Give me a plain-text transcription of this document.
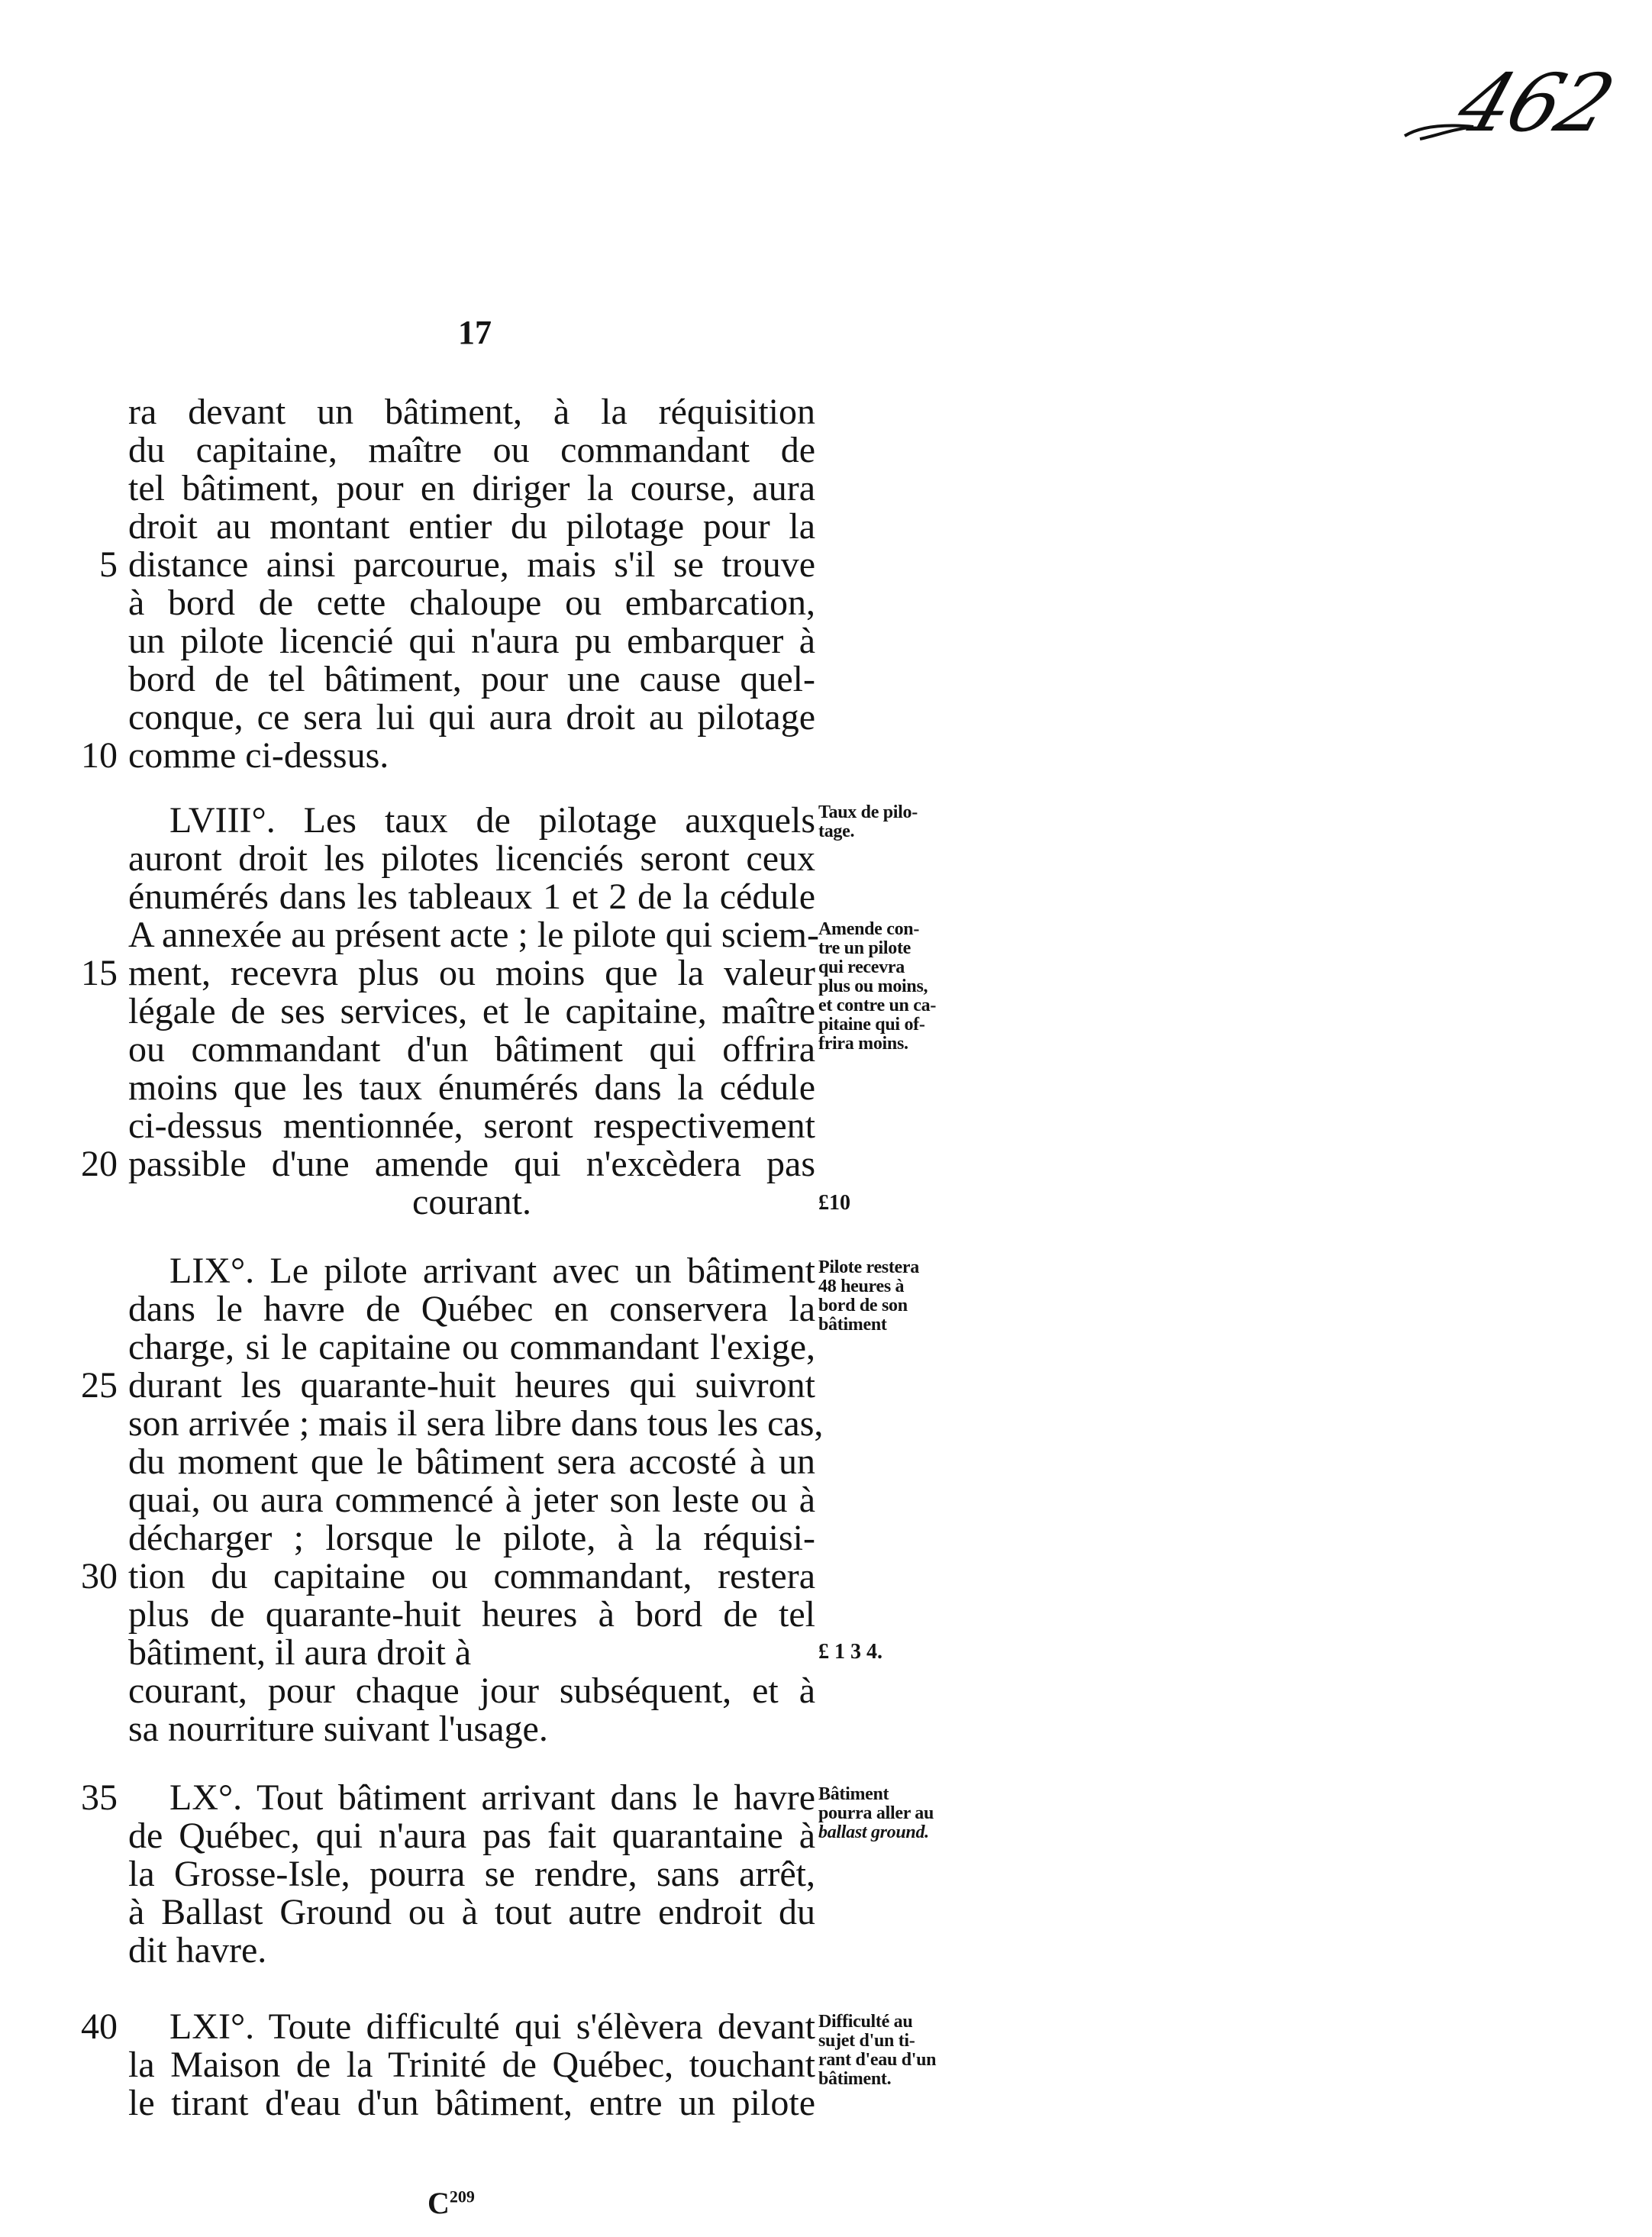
462
17
ra devant un bâtiment, à la réquisition
du capitaine, maître ou commandant de
tel bâtiment, pour en diriger la course, aura
droit au montant entier du pilotage pour la
5 distance ainsi parcourue, mais s'il se trouve
à bord de cette chaloupe ou embarcation,
un pilote licencié qui n'aura pu embarquer à
bord de tel bâtiment, pour une cause quel-
conque, ce sera lui qui aura droit au pilotage
10 comme ci-dessus.
LVIII°. Les taux de pilotage auxquels
auront droit les pilotes licenciés seront ceux
énumérés dans les tableaux 1 et 2 de la cédule
A annexée au présent acte ; le pilote qui sciem-
15 ment, recevra plus ou moins que la valeur
légale de ses services, et le capitaine, maître
ou commandant d'un bâtiment qui offrira
moins que les taux énumérés dans la cédule
ci-dessus mentionnée, seront respectivement
20 passible d'une amende qui n'excèdera pas
courant.
LIX°. Le pilote arrivant avec un bâtiment
dans le havre de Québec en conservera la
charge, si le capitaine ou commandant l'exige,
25 durant les quarante-huit heures qui suivront
son arrivée ; mais il sera libre dans tous les cas,
du moment que le bâtiment sera accosté à un
quai, ou aura commencé à jeter son leste ou à
décharger ; lorsque le pilote, à la réquisi-
30 tion du capitaine ou commandant, restera
plus de quarante-huit heures à bord de tel
bâtiment, il aura droit à
courant, pour chaque jour subséquent, et à
sa nourriture suivant l'usage.
35 LX°. Tout bâtiment arrivant dans le havre
de Québec, qui n'aura pas fait quarantaine à
la Grosse-Isle, pourra se rendre, sans arrêt,
à Ballast Ground ou à tout autre endroit du
dit havre.
40 LXI°. Toute difficulté qui s'élèvera devant
la Maison de la Trinité de Québec, touchant
le tirant d'eau d'un bâtiment, entre un pilote
$C^{209}$
Taux de pilo-
tage.
Amende con-
tre un pilote
qui recevra
plus ou moins,
et contre un ca-
pitaine qui of-
frira moins.
£10
Pilote restera
48 heures à
bord de son
bâtiment
£ 1 3 4.
Bâtiment
pourra aller au
ballast ground.
Difficulté au
sujet d'un ti-
rant d'eau d'un
bâtiment.
